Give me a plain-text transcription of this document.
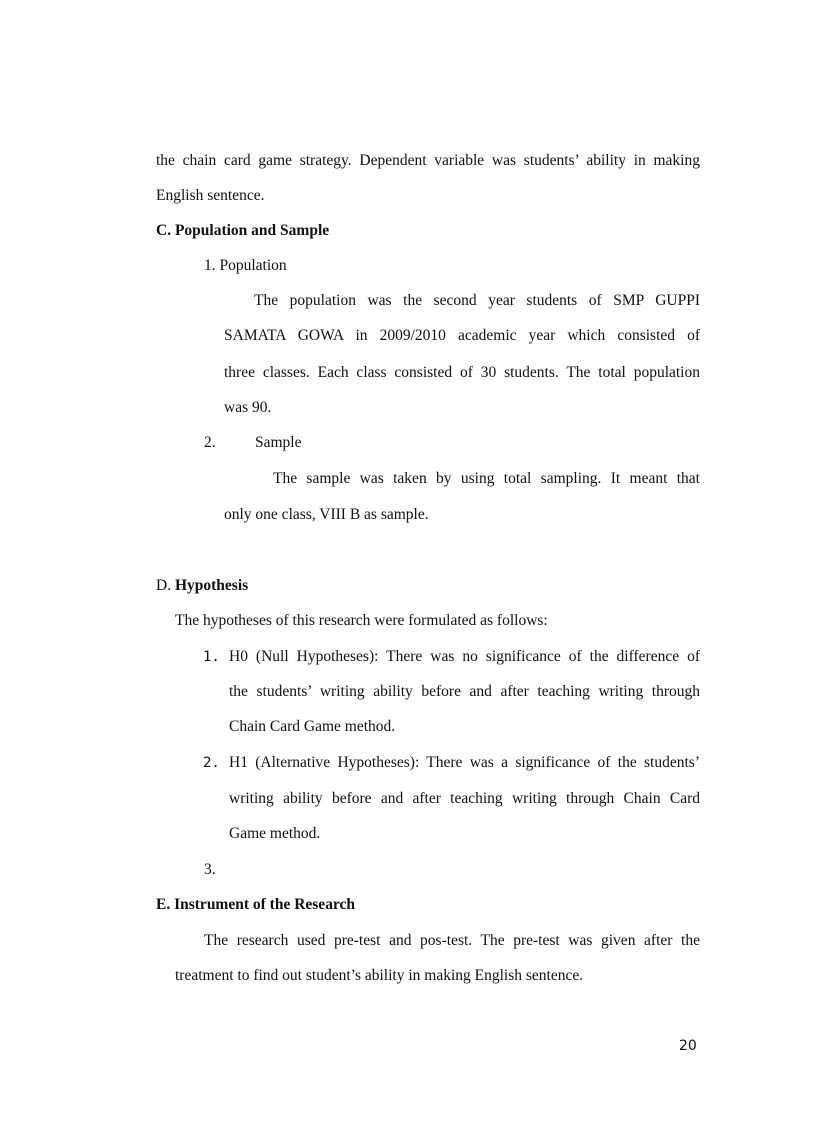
the chain card game strategy. Dependent variable was students’ ability in making
English sentence.
C. Population and Sample
1. Population
The population was the second year students of SMP GUPPI
SAMATA GOWA in 2009/2010 academic year which consisted of
three classes. Each class consisted of 30 students. The total population
was 90.
2.	Sample
The sample was taken by using total sampling. It meant that
only one class, VIII B as sample.
D. Hypothesis
The hypotheses of this research were formulated as follows:
1. H0 (Null Hypotheses): There was no significance of the difference of
the students’ writing ability before and after teaching writing through
Chain Card Game method.
2. H1 (Alternative Hypotheses): There was a significance of the students’
writing ability before and after teaching writing through Chain Card
Game method.
3.
E. Instrument of the Research
The research used pre-test and pos-test. The pre-test was given after the
treatment to find out student’s ability in making English sentence.
20
